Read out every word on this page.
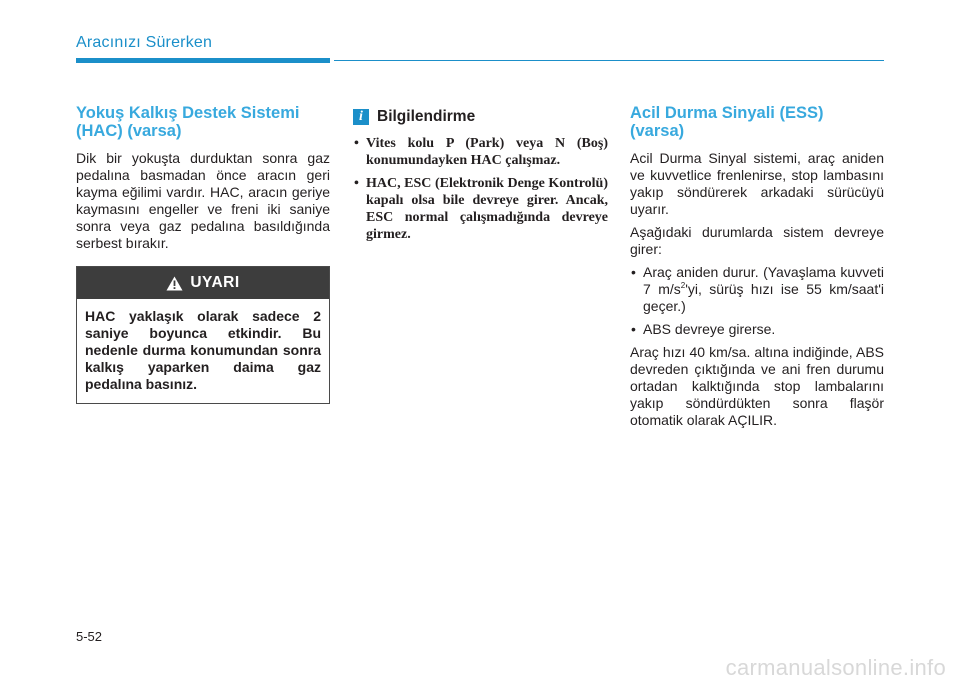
Aracınızı Sürerken
Yokuş Kalkış Destek Sistemi
(HAC) (varsa)

Dik bir yokuşta durduktan sonra gaz pedalına basmadan önce aracın geri kayma eğilimi vardır. HAC, aracın geriye kaymasını engeller ve freni iki saniye sonra veya gaz pedalına basıldığında serbest bırakır.

UYARI
HAC yaklaşık olarak sadece 2 saniye boyunca etkindir. Bu nedenle durma konumundan sonra kalkış yaparken daima gaz pedalına basınız.
i Bilgilendirme
• Vites kolu P (Park) veya N (Boş) konumundayken HAC çalışmaz.
• HAC, ESC (Elektronik Denge Kontrolü) kapalı olsa bile devreye girer. Ancak, ESC normal çalışmadığında devreye girmez.
Acil Durma Sinyali (ESS)
(varsa)

Acil Durma Sinyal sistemi, araç aniden ve kuvvetlice frenlenirse, stop lambasını yakıp söndürerek arkadaki sürücüyü uyarır.

Aşağıdaki durumlarda sistem devreye girer:

• Araç aniden durur. (Yavaşlama kuvveti 7 $m/s^2'yi$, sürüş hızı ise 55 km/saat'i geçer.)
• ABS devreye girerse.

Araç hızı 40 km/sa. altına indiğinde, ABS devreden çıktığında ve ani fren durumu ortadan kalktığında stop lambalarını yakıp söndürdükten sonra flaşör otomatik olarak AÇILIR.

5-52
carmanualsonline.info
